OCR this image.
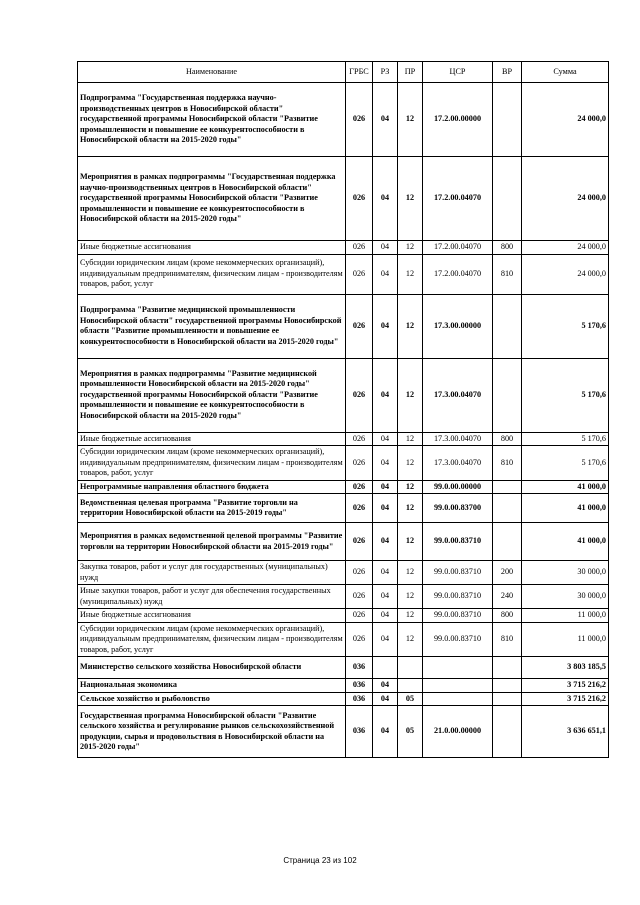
Наименование	ГРБС	РЗ	ПР	ЦСР	ВР	Сумма
Подпрограмма "Государственная поддержка научно-производственных центров в Новосибирской области" государственной программы Новосибирской области "Развитие промышленности и повышение ее конкурентоспособности в Новосибирской области на 2015-2020 годы"	026	04	12	17.2.00.00000		24 000,0
Мероприятия в рамках подпрограммы "Государственная поддержка научно-производственных центров в Новосибирской области" государственной программы Новосибирской области "Развитие промышленности и повышение ее конкурентоспособности в Новосибирской области на 2015-2020 годы"	026	04	12	17.2.00.04070		24 000,0
Иные бюджетные ассигнования	026	04	12	17.2.00.04070	800	24 000,0
Субсидии юридическим лицам (кроме некоммерческих организаций), индивидуальным предпринимателям, физическим лицам - производителям товаров, работ, услуг	026	04	12	17.2.00.04070	810	24 000,0
Подпрограмма "Развитие медицинской промышленности Новосибирской области" государственной программы Новосибирской области "Развитие промышленности и повышение ее конкурентоспособности в Новосибирской области на 2015-2020 годы"	026	04	12	17.3.00.00000		5 170,6
Мероприятия в рамках подпрограммы "Развитие медицинской промышленности Новосибирской области на 2015-2020 годы" государственной программы Новосибирской области "Развитие промышленности и повышение ее конкурентоспособности в Новосибирской области на 2015-2020 годы"	026	04	12	17.3.00.04070		5 170,6
Иные бюджетные ассигнования	026	04	12	17.3.00.04070	800	5 170,6
Субсидии юридическим лицам (кроме некоммерческих организаций), индивидуальным предпринимателям, физическим лицам - производителям товаров, работ, услуг	026	04	12	17.3.00.04070	810	5 170,6
Непрограммные направления областного бюджета	026	04	12	99.0.00.00000		41 000,0
Ведомственная целевая программа "Развитие торговли на территории Новосибирской области на 2015-2019 годы"	026	04	12	99.0.00.83700		41 000,0
Мероприятия в рамках ведомственной целевой программы "Развитие торговли на территории Новосибирской области на 2015-2019 годы"	026	04	12	99.0.00.83710		41 000,0
Закупка товаров, работ и услуг для государственных (муниципальных) нужд	026	04	12	99.0.00.83710	200	30 000,0
Иные закупки товаров, работ и услуг для обеспечения государственных (муниципальных) нужд	026	04	12	99.0.00.83710	240	30 000,0
Иные бюджетные ассигнования	026	04	12	99.0.00.83710	800	11 000,0
Субсидии юридическим лицам (кроме некоммерческих организаций), индивидуальным предпринимателям, физическим лицам - производителям товаров, работ, услуг	026	04	12	99.0.00.83710	810	11 000,0
Министерство сельского хозяйства Новосибирской области	036					3 803 185,5
Национальная экономика	036	04				3 715 216,2
Сельское хозяйство и рыболовство	036	04	05			3 715 216,2
Государственная программа Новосибирской области "Развитие сельского хозяйства и регулирование рынков сельскохозяйственной продукции, сырья и продовольствия в Новосибирской области на 2015-2020 годы"	036	04	05	21.0.00.00000		3 636 651,1
Страница 23 из 102
